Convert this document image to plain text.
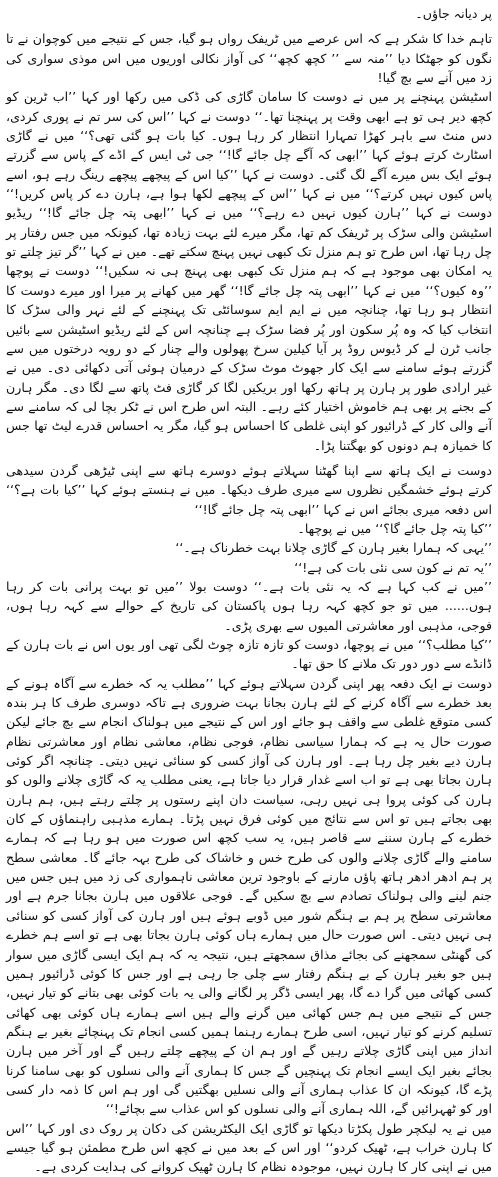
پر دیانہ جاؤں۔

تاہم خدا کا شکر ہے کہ اس عرصے میں ٹریفک رواں ہو گیا، جس کے نتیجے میں کوچوان نے تا نگوں کو جھٹکا دیا ’’منہ سے ’’ کچھ کچھ‘‘ کی آواز نکالی اوریوں میں اس موذی سواری کی زد میں آنے سے بچ گیا!

اسٹیشن پہنچنے پر میں نے دوست کا سامان گاڑی کی ڈکی میں رکھا اور کہا ’’اب ٹرین کو کچھ دیر ہی تو ہے ابھی وقت پر پہنچنا تھا۔‘‘ دوست نے کہا ’’اس کی سر تم نے پوری کردی، دس منٹ سے باہر کھڑا تمہارا انتظار کر رہا ہوں۔ کیا بات ہو گئی تھی؟‘‘ میں نے گاڑی اسٹارٹ کرتے ہوئے کہا ’’ابھی کہ آگے چل جائے گا!‘‘ جی ٹی ایس کے اڈے کے پاس سے گزرتے ہوئے ایک بس میرے آگے لگ گئی۔ دوست نے کہا ’’کیا اس کے پیچھے پیچھے رینگ رہے ہو، اسے پاس کیوں نہیں کرتے؟‘‘ میں نے کہا ’’اس کے پیچھے لکھا ہوا ہے، ہارن دے کر پاس کریں!‘‘ دوست نے کہا ’’ہارن کیوں نہیں دے رہے؟‘‘ میں نے کہا ’’ابھی پتہ چل جائے گا!‘‘ ریڈیو اسٹیشن والی سڑک پر ٹریفک کم تھا، مگر میرے لئے بہت زیادہ تھا، کیونکہ میں جس رفتار پر چل رہا تھا، اس طرح تو ہم منزل تک کبھی نہیں پہنچ سکتے تھے۔ میں نے کہا ’’گر تیز چلتے تو یہ امکان بھی موجود ہے کہ ہم منزل تک کبھی بھی پہنچ ہی نہ سکیں!‘‘ دوست نے پوچھا ’’وہ کیوں؟‘‘ میں نے کہا ’’ابھی پتہ چل جائے گا!‘‘ گھر میں کھانے پر میرا اور میرے دوست کا انتظار ہو رہا تھا، چنانچہ میں نے ایم ایم سوسائٹی تک پہنچنے کے لئے نہر والی سڑک کا انتخاب کیا کہ وہ پُر سکون اور پُر فضا سڑک ہے چنانچہ اس کے لئے ریڈیو اسٹیشن سے بائیں جانب ٹرن لے کر ڈیوس روڈ پر آیا کیلین سرخ پھولوں والے چنار کے دو رویہ درختوں میں سے گزرتے ہوئے سامنے سے ایک کار جھوٹ موٹ سڑک کے درمیان ہوئی آتی دکھائی دی۔ میں نے غیر ارادی طور پر ہارن پر ہاتھ رکھا اور بریکیں لگا کر گاڑی فٹ پاتھ سے لگا دی۔ مگر ہارن کے بجنے پر بھی ہم خاموش اختیار کئے رہے۔ البتہ اس طرح اس نے ٹکر بچا لی کہ سامنے سے آنے والی کار کے ڈرائیور کو اپنی غلطی کا احساس ہو گیا، مگر یہ احساس قدرے لیٹ تھا جس کا خمیازہ ہم دونوں کو بھگتنا پڑا۔

دوست نے ایک ہاتھ سے اپنا گھٹنا سہلاتے ہوئے دوسرے ہاتھ سے اپنی ٹیڑھی گردن سیدھی کرتے ہوئے خشمگیں نظروں سے میری طرف دیکھا۔ میں نے ہنستے ہوئے کہا ’’کیا بات ہے؟‘‘ اس دفعہ میری بجائے اس نے کہا ’’ابھی پتہ چل جائے گا!‘‘

’’کیا پتہ چل جائے گا؟‘‘ میں نے پوچھا۔

’’یہی کہ ہمارا بغیر ہارن کے گاڑی چلانا بہت خطرناک ہے۔‘‘

’’یہ تم نے کون سی نئی بات کی ہے!‘‘

’’میں نے کب کہا ہے کہ یہ نئی بات ہے۔‘‘ دوست بولا ’’میں تو بہت پرانی بات کر رہا ہوں...... میں تو جو کچھ کہہ رہا ہوں پاکستان کی تاریخ کے حوالے سے کہہ رہا ہوں، فوجی، مذہبی اور معاشرتی المیوں سے بھری پڑی۔

’’کیا مطلب؟‘‘ میں نے پوچھا، دوست کو تازہ تازہ چوٹ لگی تھی اور یوں اس نے بات ہارن کے ڈانڈے سے دور دور تک ملانے کا حق تھا۔

دوست نے ایک دفعہ پھر اپنی گردن سہلاتے ہوئے کہا ’’مطلب یہ کہ خطرے سے آگاہ ہونے کے بعد خطرے سے آگاہ کرنے کے لئے ہارن بجانا بہت ضروری ہے تاکہ دوسری طرف کا ہر بندہ کسی متوقع غلطی سے واقف ہو جائے اور اس کے نتیجے میں ہولناک انجام سے بچ جائے لیکن صورت حال یہ ہے کہ ہمارا سیاسی نظام، فوجی نظام، معاشی نظام اور معاشرتی نظام ہارن دیے بغیر چل رہا ہے۔ اور ہارن کی آواز کسی کو سنائی نہیں دیتی۔ چنانچہ اگر کوئی ہارن بجاتا بھی ہے تو اب اسے غدار قرار دیا جاتا ہے، یعنی مطلب یہ کہ گاڑی چلانے والوں کو ہارن کی کوئی پروا ہی نہیں رہی، سیاست دان اپنے رستوں پر چلتے رہتے ہیں، ہم ہارن بھی بجاتے ہیں تو اس سے نتائج میں کوئی فرق نہیں پڑتا۔ ہمارے مذہبی راہنماؤں کے کان خطرے کے ہارن سننے سے قاصر ہیں، یہ سب کچھ اس صورت میں ہو رہا ہے کہ ہمارے سامنے والے گاڑی چلانے والوں کی طرح خس و خاشاک کی طرح بہہ جائے گا۔ معاشی سطح پر ہم ادھر ادھر ہاتھ پاؤں مارنے کے باوجود ترین معاشی ناہمواری کی زد میں ہیں جس میں جنم لینے والی ہولناک تصادم سے بچ سکیں گے۔ فوجی علاقوں میں ہارن بجانا جرم ہے اور معاشرتی سطح پر ہم بے ہنگم شور میں ڈوبے ہوئے ہیں اور ہارن کی آواز کسی کو سنائی ہی نہیں دیتی۔ اس صورت حال میں ہمارے ہاں کوئی ہارن بجاتا بھی ہے تو اسے ہم خطرے کی گھنٹی سمجھنے کی بجائے مذاق سمجھتے ہیں، نتیجہ یہ کہ ہم ایک ایسی گاڑی میں سوار ہیں جو بغیر ہارن کے بے ہنگم رفتار سے چلی جا رہی ہے اور جس کا کوئی ڈرائیور ہمیں کسی کھائی میں گرا دے گا، پھر ایسی ڈگر پر لگانے والی یہ بات کوئی بھی بتانے کو تیار نہیں، جس کے نتیجے میں ہم جس کھائی میں گرنے والے ہیں اسے ہمارے ہاں کوئی بھی کھائی تسلیم کرنے کو تیار نہیں، اسی طرح ہمارے رہنما ہمیں کسی انجام تک پہنچائے بغیر بے ہنگم انداز میں اپنی گاڑی چلاتے رہیں گے اور ہم ان کے پیچھے چلتے رہیں گے اور آخر میں ہارن بجائے بغیر ایک ایسے انجام تک پہنچیں گے جس کا ہماری آنے والی نسلوں کو بھی سامنا کرنا پڑے گا، کیونکہ ان کا عذاب ہماری آنے والی نسلیں بھگتیں گی اور ہم اس کا ذمہ دار کسی اور کو ٹھہرائیں گے، اللہ ہماری آنے والی نسلوں کو اس عذاب سے بچائے!‘‘

میں نے یہ لیکچر طول پکڑتا دیکھا تو گاڑی ایک الیکٹریشن کی دکان پر روک دی اور کہا ’’اس کا ہارن خراب ہے، ٹھیک کردو‘‘ اور اس کے بعد میں نے کچھ اس طرح مطمئن ہو گیا جیسے میں نے اپنی کار کا ہارن نہیں، موجودہ نظام کا ہارن ٹھیک کروانے کی ہدایت کردی ہے۔
